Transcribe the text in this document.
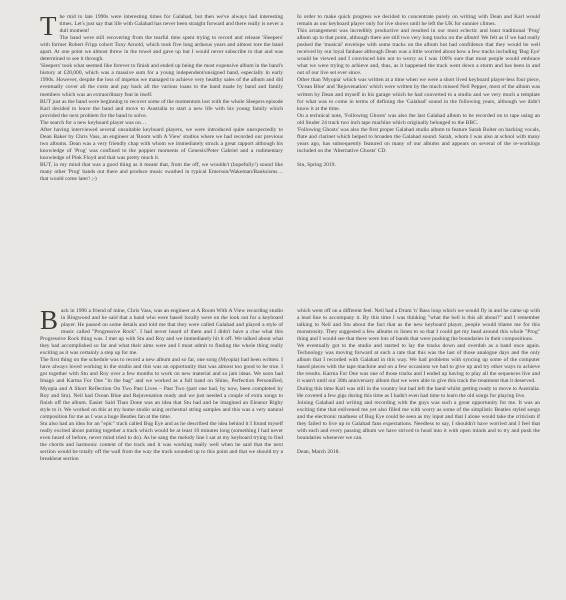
The mid to late 1990s were interesting times for Galahad, but then we've always had interesting times. Let's just say that life with Galahad has never been straight forward and there really is never a dull moment!

The band were still recovering from the tearful time spent trying to record and release 'Sleepers' with former Robert Fripp cohort Tony Arnold, which took five long arduous years and almost tore the band apart. At one point we almost threw in the towel and gave up but I would never subscribe to that and was determined to see it through.

'Sleepers' took what seemed like forever to finish and ended up being the most expensive album in the band's history at £20,000, which was a massive sum for a young independent/unsigned band, especially in early 1990s. However, despite the loss of impetus we managed to achieve very healthy sales of the album and did eventually cover all the costs and pay back all the various loans to the band made by band and family members which was an extraordinary feat in itself.

BUT just as the band were beginning to recover some of the momentum lost with the whole Sleepers episode Karl decided to leave the band and move to Australia to start a new life with his young family which provided the next problem for the band to solve.

The search for a new keyboard player was on…

After having interviewed several unsuitable keyboard players, we were introduced quite unexpectedly to Dean Baker by Chris Vass, an engineer at 'Room with A View' studios where we had recorded our previous two albums. Dean was a very friendly chap with whom we immediately struck a great rapport although his knowledge of 'Prog' was confined to the poppier moments of Genesis/Peter Gabriel and a rudimentary knowledge of Pink Floyd and that was pretty much it.

BUT, in my mind that was a good thing as it meant that, from the off, we wouldn't (hopefully!) sound like many other 'Prog' bands out there and produce music swathed in typical Emerson/Wakeman/Banksisms… that would come later! ;-)

In order to make quick progress we decided to concentrate purely on writing with Dean and Karl would remain as our keyboard player only for live shows until he left the UK for sunnier climes.

This arrangement was incredibly productive and resulted in our most eclectic and least traditional 'Prog' album up to that point, although there are still two very long tracks on the album! We felt as if we had really pushed the 'musical' envelope with some tracks on the album but had confidence that they would be well received by our loyal fanbase although Dean was a little worried about how a few tracks including 'Bug Eye' would be viewed and I convinced him not to worry as I was 100% sure that most people would embrace what we were trying to achieve and, thus, as it happened the track went down a storm and has been in and out of our live set ever since.

Other than 'Myopia' which was written at a time when we were a short lived keyboard player-less four piece, 'Ocean Blue' and 'Rejuvenation' which were written by the much missed Neil Pepper, most of the album was written by Dean and myself in his garage which he had converted to a studio and we very much a template for what was to come in terms of defining the 'Galahad' sound in the following years, although we didn't know it at the time.

On a technical note, 'Following Ghosts' was also the last Galahad album to be recorded on to tape using an old Studer 24 track two inch tape machine which originally belonged to the BBC.

'Following Ghosts' was also the first proper Galahad studio album to feature Sarah Bolter on backing vocals, flute and clarinet which helped to broaden the Galahad sound. Sarah, whom I was also at school with many years ago, has subsequently featured on many of our albums and appears on several of the re-workings included on the 'Alternative Ghosts' CD.

Stu, Spring 2019.

Back in 1996 a friend of mine, Chris Vass, was an engineer at A Room With A View recording studio in Ringwood and he said that a band who were based locally were on the look out for a keyboard player. He passed on some details and told me that they were called Galahad and played a style of music called "Progressive Rock". I had never heard of them and I didn't have a clue what this Progressive Rock thing was. I met up with Stu and Roy and we immediately hit it off. We talked about what they had accomplished so far and what their aims were and I must admit to finding the whole thing really exciting as it was certainly a step up for me.

The first thing on the schedule was to record a new album and so far, one song (Myopia) had been written. I have always loved working in the studio and this was an opportunity that was almost too good to be true. I got together with Stu and Roy over a few months to work on new material and so jam ideas. We soon had Imago and Karma For One "in the bag" and we worked as a full band on Shine, Perfection Personified, Myopia and A Short Reflection On Two Past Lives – Past Two (part one had, by now, been completed by Roy and Stu). Neil had Ocean Blue and Rejuvenation ready and we just needed a couple of extra songs to finish off the album. Easier Said Than Done was an idea that Stu had and he imagined an Eleanor Rigby style to it. We worked on this at my home studio using orchestral string samples and this was a very natural composition for me as I was a huge Beatles fan at the time.

Stu also had an idea for an "epic" track called Bug Eye and as he described the idea behind it I found myself really excited about putting together a track which would be at least 10 minutes long (something I had never even heard of before, never mind tried to do). As he sang the melody line I sat at my keyboard trying to find the chords and harmonic content of the track and it was working really well when he said that the next section would be totally off the wall from the way the track sounded up to this point and that we should try a breakbeat section

which went off on a different feel. Neil had a Drum 'n' Bass loop which we would fly in and he came up with a lead line to accompany it. By this time I was thinking "what the hell is this all about?" and I remember talking to Neil and Stu about the fact that as the new keyboard player, people would blame me for this monstrosity. They suggested a few albums to listen to so that I could get my head around this whole "Prog" thing and I would see that there were lots of bands that were pushing the boundaries in their compositions.

We eventually got to the studio and started to lay the tracks down and overdub as a band once again. Technology was moving forward at such a rate that this was the last of those analogue days and the only album that I recorded with Galahad in this way. We had problems with syncing up some of the computer based pieces with the tape machine and on a few occasions we had to give up and try other ways to achieve the results. Karma For One was one of those tracks and I ended up having to play all the sequences live and it wasn't until our 30th anniversary album that we were able to give this track the treatment that it deserved.

During this time Karl was still in the country but had left the band whilst getting ready to move to Australia. He covered a few gigs during this time as I hadn't even had time to learn the old songs for playing live.

Joining Galahad and writing and recording with the guys was such a great opportunity for me. It was an exciting time that enlivened me yet also filled me with worry as some of the simplistic Beatles styled songs and the electronic madness of Bug Eye could be seen as my input and that I alone would take the criticism if they failed to live up to Galahad fans expectations. Needless to say, I shouldn't have worried and I feel that with each and every passing album we have strived to head into it with open minds and to try and push the boundaries whenever we can.

Dean, March 2018.
